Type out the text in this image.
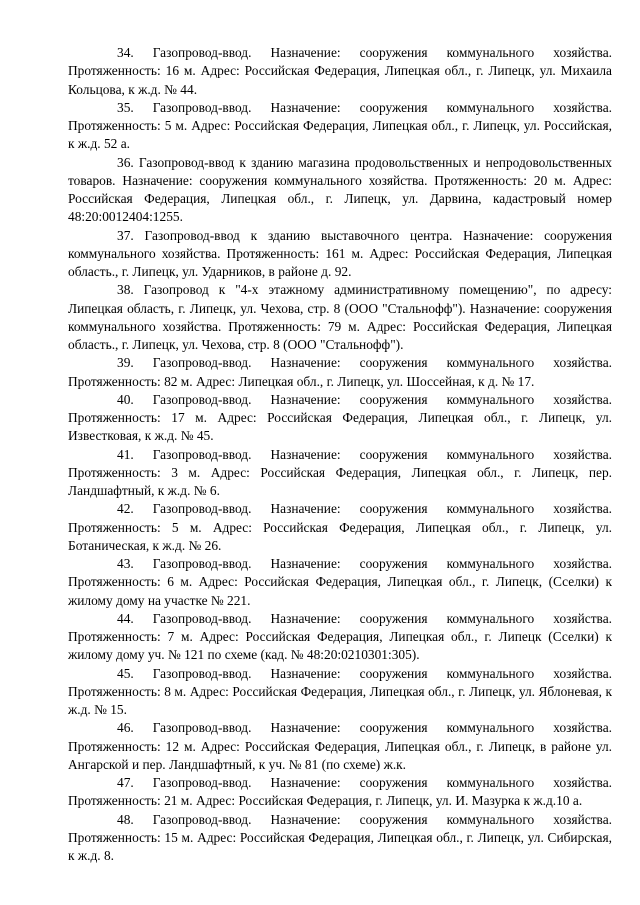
34. Газопровод-ввод. Назначение: сооружения коммунального хозяйства. Протяженность: 16 м. Адрес: Российская Федерация, Липецкая обл., г. Липецк, ул. Михаила Кольцова, к ж.д. № 44.

35. Газопровод-ввод. Назначение: сооружения коммунального хозяйства. Протяженность: 5 м. Адрес: Российская Федерация, Липецкая обл., г. Липецк, ул. Российская, к ж.д. 52 а.

36. Газопровод-ввод к зданию магазина продовольственных и непродовольственных товаров. Назначение: сооружения коммунального хозяйства. Протяженность: 20 м. Адрес: Российская Федерация, Липецкая обл., г. Липецк, ул. Дарвина, кадастровый номер 48:20:0012404:1255.

37. Газопровод-ввод к зданию выставочного центра. Назначение: сооружения коммунального хозяйства. Протяженность: 161 м. Адрес: Российская Федерация, Липецкая область., г. Липецк, ул. Ударников, в районе д. 92.

38. Газопровод к "4-х этажному административному помещению", по адресу: Липецкая область, г. Липецк, ул. Чехова, стр. 8 (ООО "Стальнофф"). Назначение: сооружения коммунального хозяйства. Протяженность: 79 м. Адрес: Российская Федерация, Липецкая область., г. Липецк, ул. Чехова, стр. 8 (ООО "Стальнофф").

39. Газопровод-ввод. Назначение: сооружения коммунального хозяйства. Протяженность: 82 м. Адрес: Липецкая обл., г. Липецк, ул. Шоссейная, к д. № 17.

40. Газопровод-ввод. Назначение: сооружения коммунального хозяйства. Протяженность: 17 м. Адрес: Российская Федерация, Липецкая обл., г. Липецк, ул. Известковая, к ж.д. № 45.

41. Газопровод-ввод. Назначение: сооружения коммунального хозяйства. Протяженность: 3 м. Адрес: Российская Федерация, Липецкая обл., г. Липецк, пер. Ландшафтный, к ж.д. № 6.

42. Газопровод-ввод. Назначение: сооружения коммунального хозяйства. Протяженность: 5 м. Адрес: Российская Федерация, Липецкая обл., г. Липецк, ул. Ботаническая, к ж.д. № 26.

43. Газопровод-ввод. Назначение: сооружения коммунального хозяйства. Протяженность: 6 м. Адрес: Российская Федерация, Липецкая обл., г. Липецк, (Сселки) к жилому дому на участке № 221.

44. Газопровод-ввод. Назначение: сооружения коммунального хозяйства. Протяженность: 7 м. Адрес: Российская Федерация, Липецкая обл., г. Липецк (Сселки) к жилому дому уч. № 121 по схеме (кад. № 48:20:0210301:305).

45. Газопровод-ввод. Назначение: сооружения коммунального хозяйства. Протяженность: 8 м. Адрес: Российская Федерация, Липецкая обл., г. Липецк, ул. Яблоневая, к ж.д. № 15.

46. Газопровод-ввод. Назначение: сооружения коммунального хозяйства. Протяженность: 12 м. Адрес: Российская Федерация, Липецкая обл., г. Липецк, в районе ул. Ангарской и пер. Ландшафтный, к уч. № 81 (по схеме) ж.к.

47. Газопровод-ввод. Назначение: сооружения коммунального хозяйства. Протяженность: 21 м. Адрес: Российская Федерация, г. Липецк, ул. И. Мазурка к ж.д.10 а.

48. Газопровод-ввод. Назначение: сооружения коммунального хозяйства. Протяженность: 15 м. Адрес: Российская Федерация, Липецкая обл., г. Липецк, ул. Сибирская, к ж.д. 8.
